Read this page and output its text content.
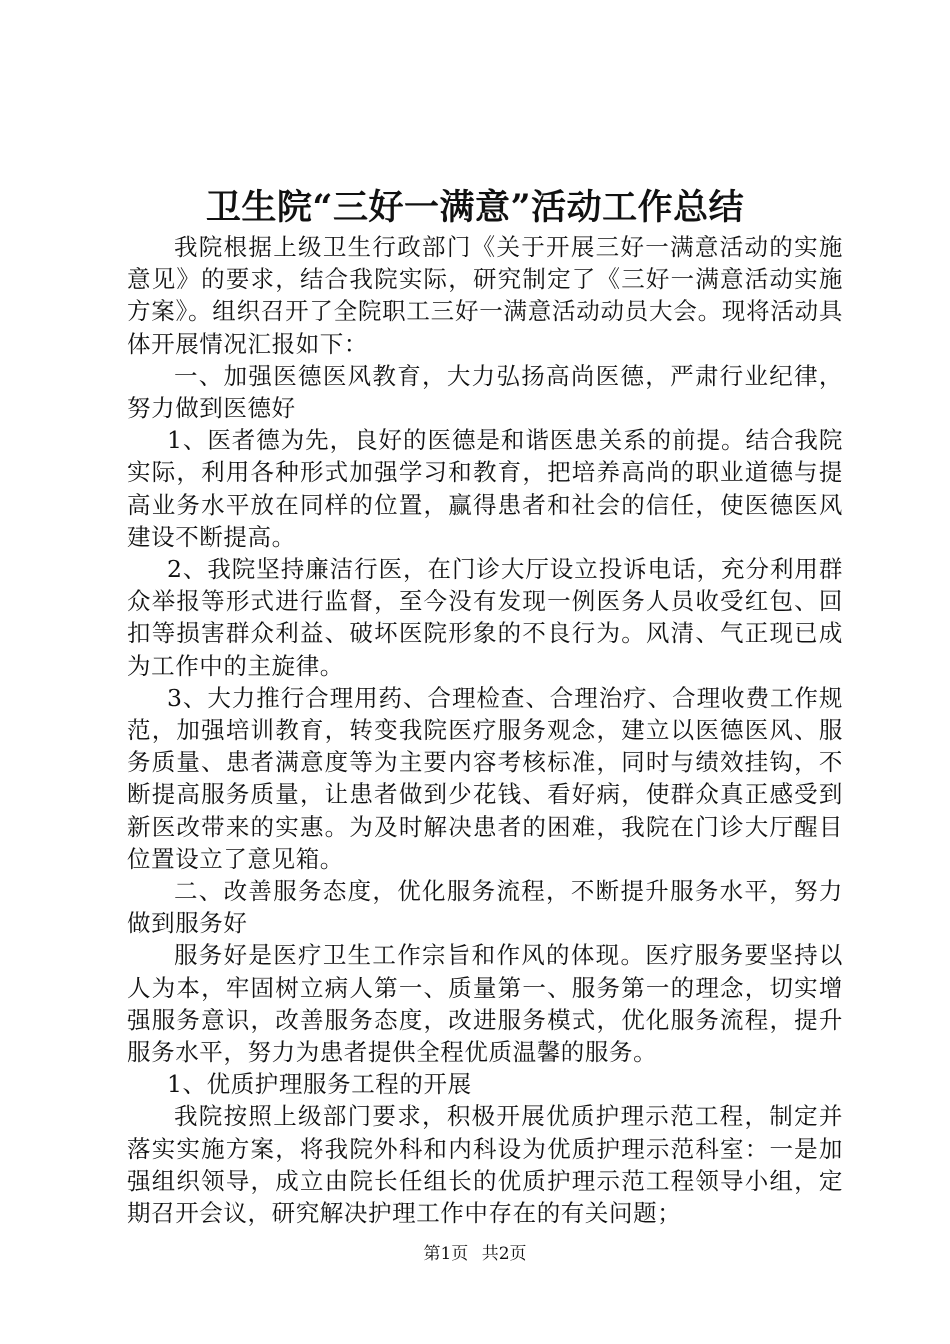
卫生院“三好一满意”活动工作总结

我院根据上级卫生行政部门《关于开展三好一满意活动的实施意见》的要求，结合我院实际，研究制定了《三好一满意活动实施方案》。组织召开了全院职工三好一满意活动动员大会。现将活动具体开展情况汇报如下：

一、加强医德医风教育，大力弘扬高尚医德，严肃行业纪律，努力做到医德好

1、医者德为先，良好的医德是和谐医患关系的前提。结合我院实际，利用各种形式加强学习和教育，把培养高尚的职业道德与提高业务水平放在同样的位置，赢得患者和社会的信任，使医德医风建设不断提高。

2、我院坚持廉洁行医，在门诊大厅设立投诉电话，充分利用群众举报等形式进行监督，至今没有发现一例医务人员收受红包、回扣等损害群众利益、破坏医院形象的不良行为。风清、气正现已成为工作中的主旋律。

3、大力推行合理用药、合理检查、合理治疗、合理收费工作规范，加强培训教育，转变我院医疗服务观念，建立以医德医风、服务质量、患者满意度等为主要内容考核标准，同时与绩效挂钩，不断提高服务质量，让患者做到少花钱、看好病，使群众真正感受到新医改带来的实惠。为及时解决患者的困难，我院在门诊大厅醒目位置设立了意见箱。

二、改善服务态度，优化服务流程，不断提升服务水平，努力做到服务好

服务好是医疗卫生工作宗旨和作风的体现。医疗服务要坚持以人为本，牢固树立病人第一、质量第一、服务第一的理念，切实增强服务意识，改善服务态度，改进服务模式，优化服务流程，提升服务水平，努力为患者提供全程优质温馨的服务。

1、优质护理服务工程的开展

我院按照上级部门要求，积极开展优质护理示范工程，制定并落实实施方案，将我院外科和内科设为优质护理示范科室：一是加强组织领导，成立由院长任组长的优质护理示范工程领导小组，定期召开会议，研究解决护理工作中存在的有关问题；

第1页 共2页
